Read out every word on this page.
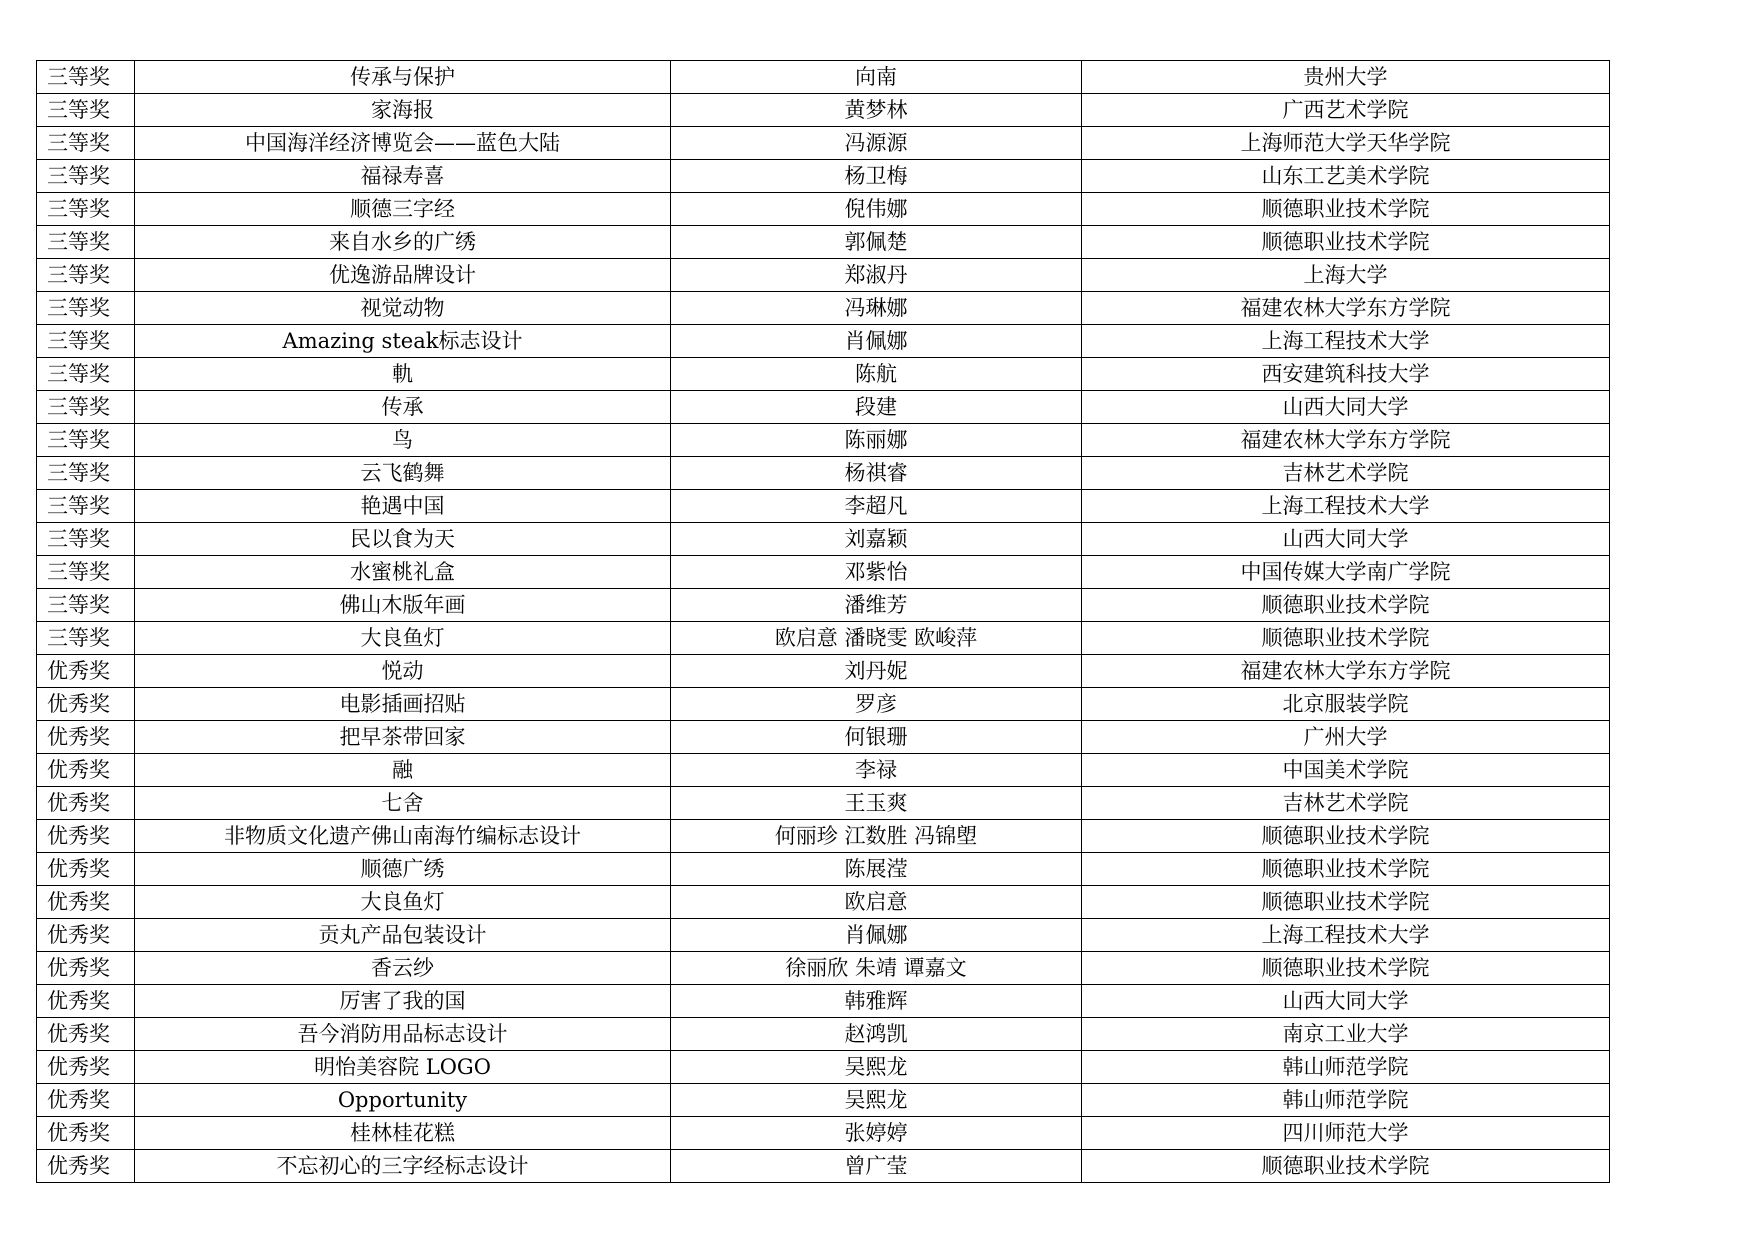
三等奖	传承与保护	向南	贵州大学
三等奖	家海报	黄梦林	广西艺术学院
三等奖	中国海洋经济博览会——蓝色大陆	冯源源	上海师范大学天华学院
三等奖	福禄寿喜	杨卫梅	山东工艺美术学院
三等奖	顺德三字经	倪伟娜	顺德职业技术学院
三等奖	来自水乡的广绣	郭佩楚	顺德职业技术学院
三等奖	优逸游品牌设计	郑淑丹	上海大学
三等奖	视觉动物	冯琳娜	福建农林大学东方学院
三等奖	Amazing steak标志设计	肖佩娜	上海工程技术大学
三等奖	軌	陈航	西安建筑科技大学
三等奖	传承	段建	山西大同大学
三等奖	鸟	陈丽娜	福建农林大学东方学院
三等奖	云飞鹤舞	杨祺睿	吉林艺术学院
三等奖	艳遇中国	李超凡	上海工程技术大学
三等奖	民以食为天	刘嘉颖	山西大同大学
三等奖	水蜜桃礼盒	邓紫怡	中国传媒大学南广学院
三等奖	佛山木版年画	潘维芳	顺德职业技术学院
三等奖	大良鱼灯	欧启意 潘晓雯 欧峻萍	顺德职业技术学院
优秀奖	悦动	刘丹妮	福建农林大学东方学院
优秀奖	电影插画招贴	罗彦	北京服装学院
优秀奖	把早茶带回家	何银珊	广州大学
优秀奖	融	李禄	中国美术学院
优秀奖	七舍	王玉爽	吉林艺术学院
优秀奖	非物质文化遗产佛山南海竹编标志设计	何丽珍 江数胜 冯锦塱	顺德职业技术学院
优秀奖	顺德广绣	陈展滢	顺德职业技术学院
优秀奖	大良鱼灯	欧启意	顺德职业技术学院
优秀奖	贡丸产品包装设计	肖佩娜	上海工程技术大学
优秀奖	香云纱	徐丽欣 朱靖 谭嘉文	顺德职业技术学院
优秀奖	厉害了我的国	韩雅辉	山西大同大学
优秀奖	吾今消防用品标志设计	赵鸿凯	南京工业大学
优秀奖	明怡美容院 LOGO	吴熙龙	韩山师范学院
优秀奖	Opportunity	吴熙龙	韩山师范学院
优秀奖	桂林桂花糕	张婷婷	四川师范大学
优秀奖	不忘初心的三字经标志设计	曾广莹	顺德职业技术学院
